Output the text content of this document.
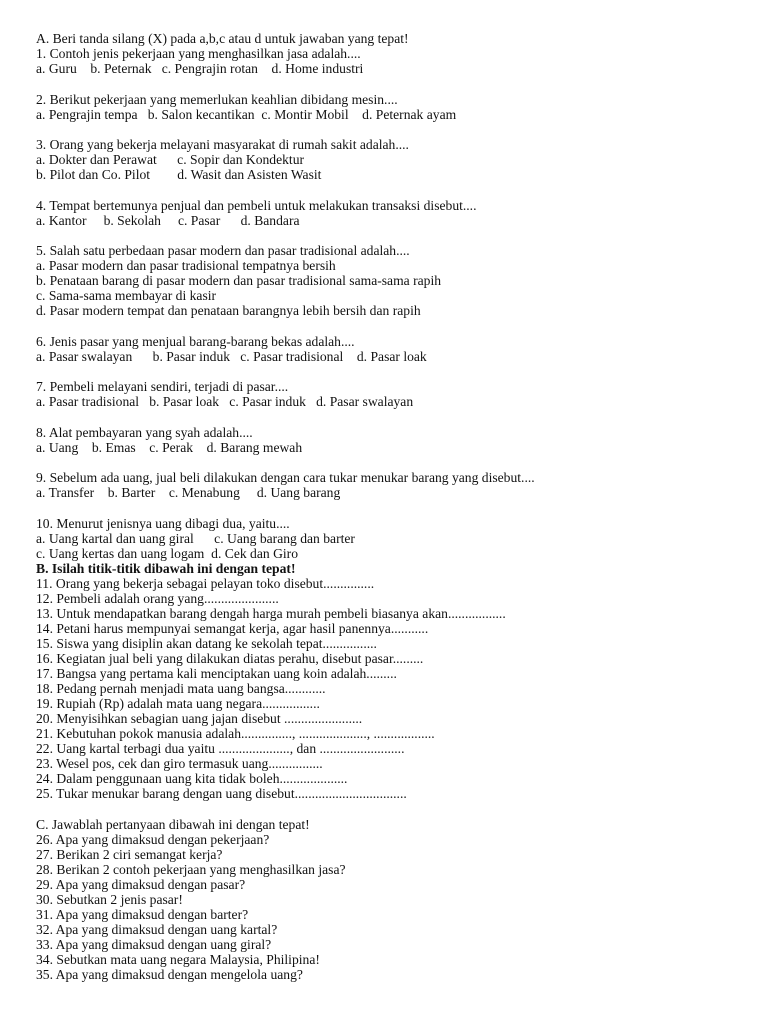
A. Beri tanda silang (X) pada a,b,c atau d untuk jawaban yang tepat!
1. Contoh jenis pekerjaan yang menghasilkan jasa adalah....
a. Guru    b. Peternak   c. Pengrajin rotan    d. Home industri
2. Berikut pekerjaan yang memerlukan keahlian dibidang mesin....
a. Pengrajin tempa   b. Salon kecantikan  c. Montir Mobil    d. Peternak ayam
3. Orang yang bekerja melayani masyarakat di rumah sakit adalah....
a. Dokter dan Perawat      c. Sopir dan Kondektur
b. Pilot dan Co. Pilot        d. Wasit dan Asisten Wasit
4. Tempat bertemunya penjual dan pembeli untuk melakukan transaksi disebut....
a. Kantor     b. Sekolah     c. Pasar      d. Bandara
5. Salah satu perbedaan pasar modern dan pasar tradisional adalah....
a. Pasar modern dan pasar tradisional tempatnya bersih
b. Penataan barang di pasar modern dan pasar tradisional sama-sama rapih
c. Sama-sama membayar di kasir
d. Pasar modern tempat dan penataan barangnya lebih bersih dan rapih
6. Jenis pasar yang menjual barang-barang bekas adalah....
a. Pasar swalayan      b. Pasar induk   c. Pasar tradisional    d. Pasar loak
7. Pembeli melayani sendiri, terjadi di pasar....
a. Pasar tradisional   b. Pasar loak   c. Pasar induk   d. Pasar swalayan
8. Alat pembayaran yang syah adalah....
a. Uang    b. Emas    c. Perak    d. Barang mewah
9. Sebelum ada uang, jual beli dilakukan dengan cara tukar menukar barang yang disebut....
a. Transfer    b. Barter    c. Menabung     d. Uang barang
10. Menurut jenisnya uang dibagi dua, yaitu....
a. Uang kartal dan uang giral      c. Uang barang dan barter
c. Uang kertas dan uang logam  d. Cek dan Giro
B. Isilah titik-titik dibawah ini dengan tepat!
11. Orang yang bekerja sebagai pelayan toko disebut...............
12. Pembeli adalah orang yang......................
13. Untuk mendapatkan barang dengah harga murah pembeli biasanya akan.................
14. Petani harus mempunyai semangat kerja, agar hasil panennya...........
15. Siswa yang disiplin akan datang ke sekolah tepat................
16. Kegiatan jual beli yang dilakukan diatas perahu, disebut pasar.........
17. Bangsa yang pertama kali menciptakan uang koin adalah.........
18. Pedang pernah menjadi mata uang bangsa............
19. Rupiah (Rp) adalah mata uang negara.................
20. Menyisihkan sebagian uang jajan disebut .......................
21. Kebutuhan pokok manusia adalah..............., ...................., ..................
22. Uang kartal terbagi dua yaitu ....................., dan .........................
23. Wesel pos, cek dan giro termasuk uang................
24. Dalam penggunaan uang kita tidak boleh....................
25. Tukar menukar barang dengan uang disebut.................................
C. Jawablah pertanyaan dibawah ini dengan tepat!
26. Apa yang dimaksud dengan pekerjaan?
27. Berikan 2 ciri semangat kerja?
28. Berikan 2 contoh pekerjaan yang menghasilkan jasa?
29. Apa yang dimaksud dengan pasar?
30. Sebutkan 2 jenis pasar!
31. Apa yang dimaksud dengan barter?
32. Apa yang dimaksud dengan uang kartal?
33. Apa yang dimaksud dengan uang giral?
34. Sebutkan mata uang negara Malaysia, Philipina!
35. Apa yang dimaksud dengan mengelola uang?
